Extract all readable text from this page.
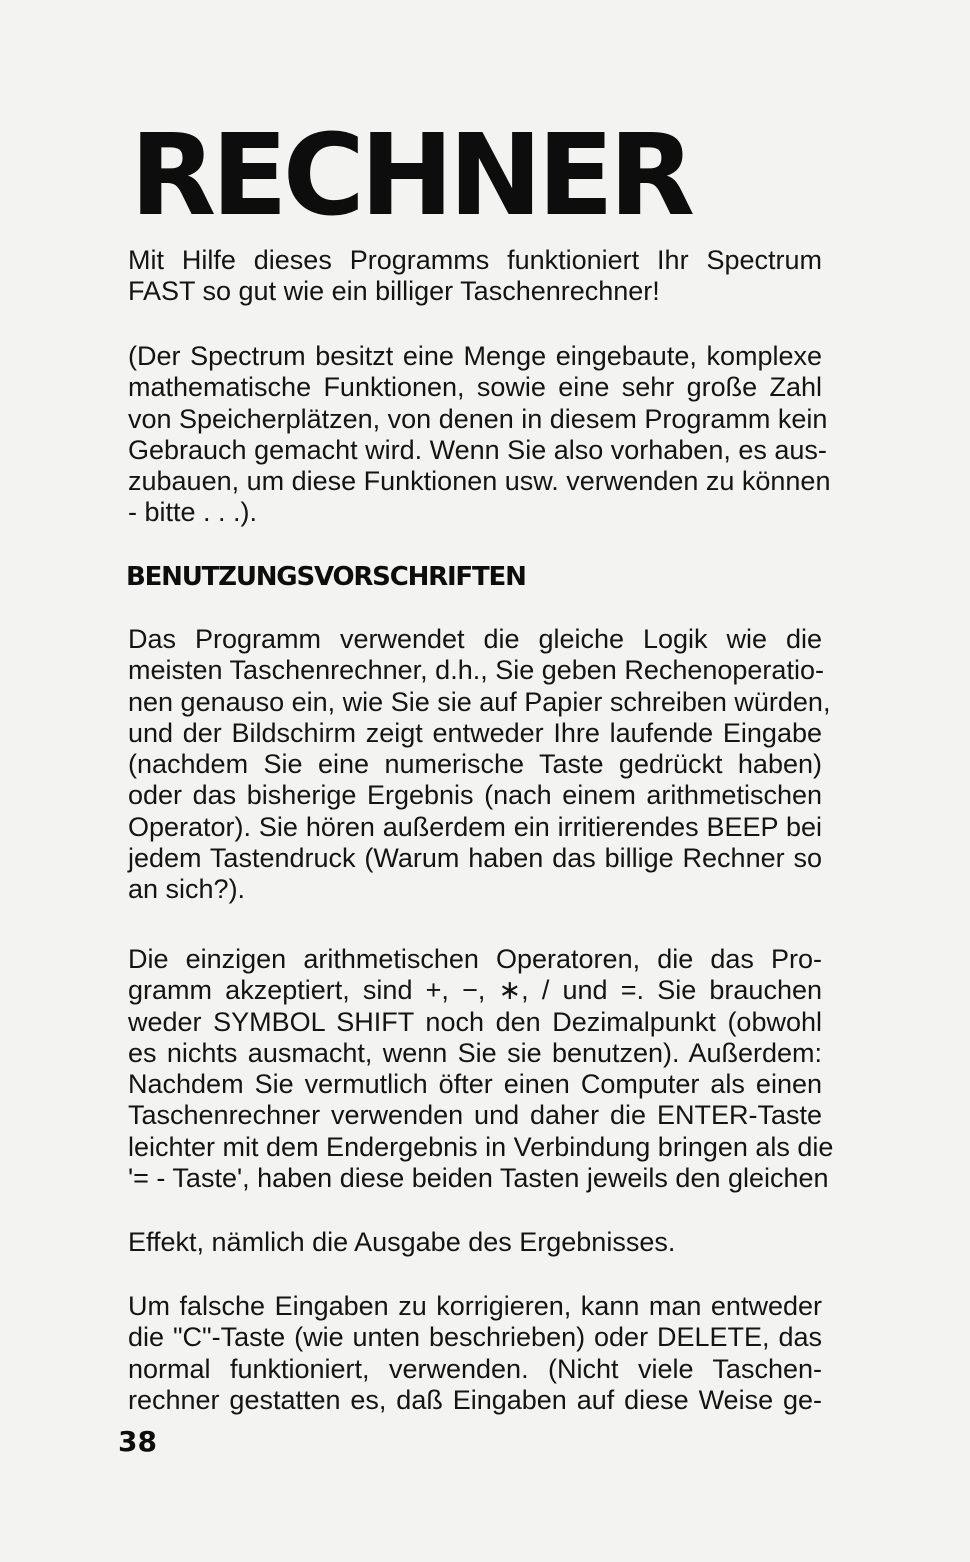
RECHNER

Mit Hilfe dieses Programms funktioniert Ihr Spectrum
FAST so gut wie ein billiger Taschenrechner!

(Der Spectrum besitzt eine Menge eingebaute, komplexe
mathematische Funktionen, sowie eine sehr große Zahl
von Speicherplätzen, von denen in diesem Programm kein
Gebrauch gemacht wird. Wenn Sie also vorhaben, es aus-
zubauen, um diese Funktionen usw. verwenden zu können
- bitte . . .).

BENUTZUNGSVORSCHRIFTEN

Das Programm verwendet die gleiche Logik wie die
meisten Taschenrechner, d.h., Sie geben Rechenoperatio-
nen genauso ein, wie Sie sie auf Papier schreiben würden,
und der Bildschirm zeigt entweder Ihre laufende Eingabe
(nachdem Sie eine numerische Taste gedrückt haben)
oder das bisherige Ergebnis (nach einem arithmetischen
Operator). Sie hören außerdem ein irritierendes BEEP bei
jedem Tastendruck (Warum haben das billige Rechner so
an sich?).

Die einzigen arithmetischen Operatoren, die das Pro-
gramm akzeptiert, sind +, −, ∗, / und =. Sie brauchen
weder SYMBOL SHIFT noch den Dezimalpunkt (obwohl
es nichts ausmacht, wenn Sie sie benutzen). Außerdem:
Nachdem Sie vermutlich öfter einen Computer als einen
Taschenrechner verwenden und daher die ENTER-Taste
leichter mit dem Endergebnis in Verbindung bringen als die
'= - Taste', haben diese beiden Tasten jeweils den gleichen

Effekt, nämlich die Ausgabe des Ergebnisses.

Um falsche Eingaben zu korrigieren, kann man entweder
die "C"-Taste (wie unten beschrieben) oder DELETE, das
normal funktioniert, verwenden. (Nicht viele Taschen-
rechner gestatten es, daß Eingaben auf diese Weise ge-

38
